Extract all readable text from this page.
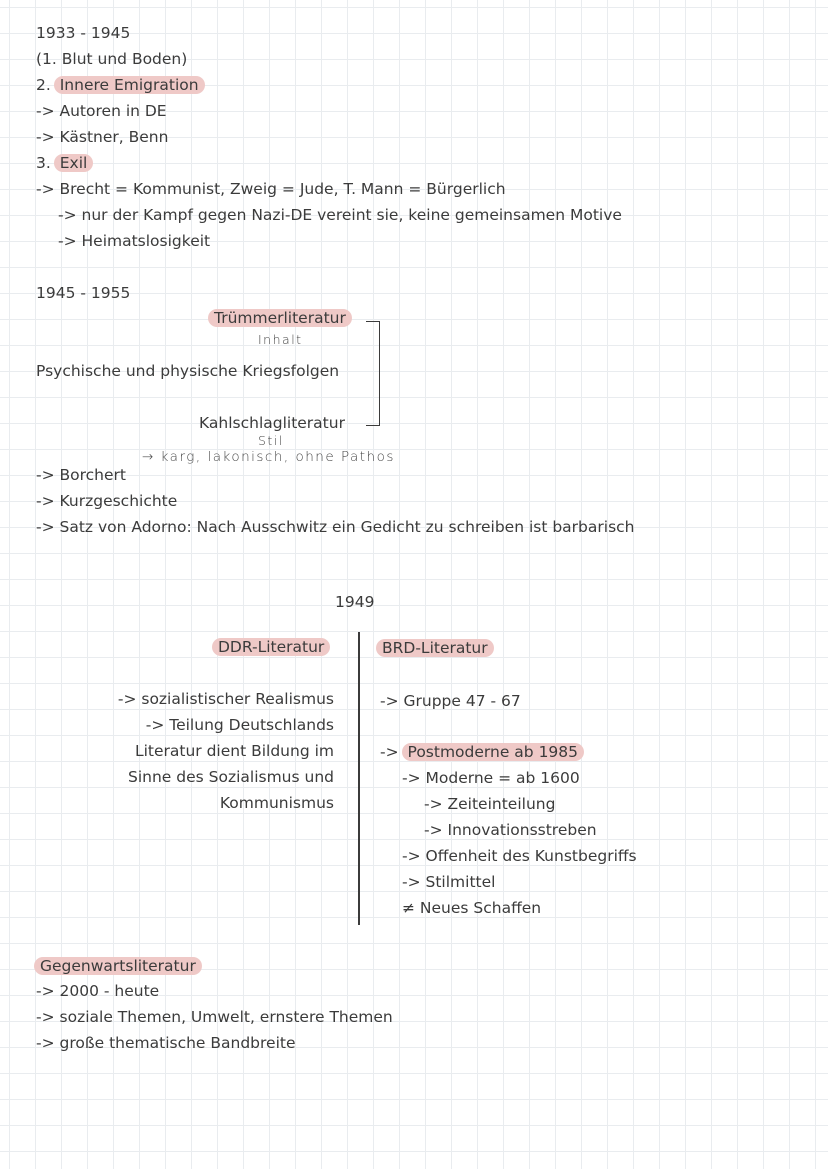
1933 - 1945
(1. Blut und Boden)
2. Innere Emigration
-> Autoren in DE
-> Kästner, Benn
3. Exil
-> Brecht = Kommunist, Zweig = Jude, T. Mann = Bürgerlich
-> nur der Kampf gegen Nazi-DE vereint sie, keine gemeinsamen Motive
-> Heimatslosigkeit
1945 - 1955
Trümmerliteratur
Inhalt
Psychische und physische Kriegsfolgen
Kahlschlagliteratur
Stil
→ karg, lakonisch, ohne Pathos
-> Borchert
-> Kurzgeschichte
-> Satz von Adorno: Nach Ausschwitz ein Gedicht zu schreiben ist barbarisch
1949
DDR-Literatur
-> sozialistischer Realismus
-> Teilung Deutschlands
Literatur dient Bildung im
Sinne des Sozialismus und
Kommunismus
BRD-Literatur
-> Gruppe 47 - 67
-> Postmoderne ab 1985
-> Moderne = ab 1600
-> Zeiteinteilung
-> Innovationsstreben
-> Offenheit des Kunstbegriffs
-> Stilmittel
≠ Neues Schaffen
Gegenwartsliteratur
-> 2000 - heute
-> soziale Themen, Umwelt, ernstere Themen
-> große thematische Bandbreite
